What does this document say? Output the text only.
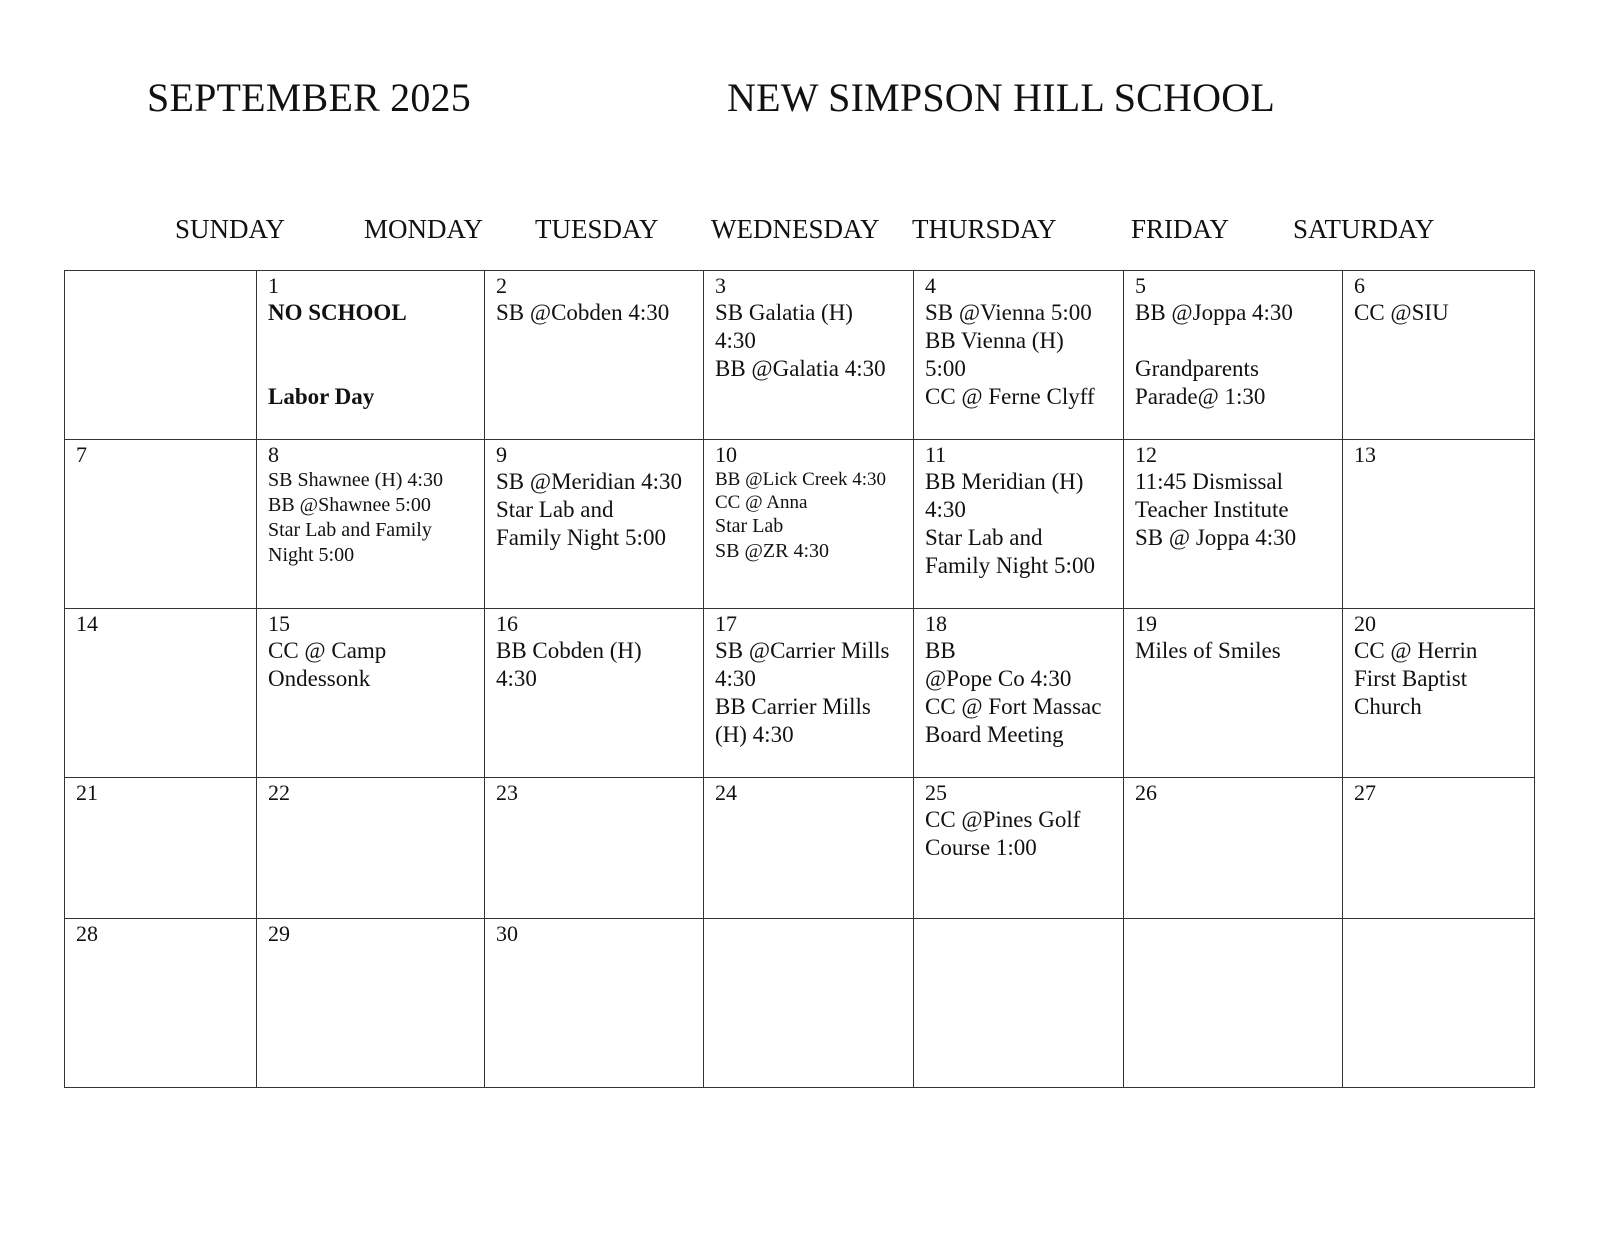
SEPTEMBER 2025	NEW SIMPSON HILL SCHOOL
SUNDAY	MONDAY TUESDAY WEDNESDAY THURSDAY	FRIDAY SATURDAY

	1
NO SCHOOL
Labor Day	2
SB @Cobden 4:30	3
SB Galatia (H)
4:30
BB @Galatia 4:30	4
SB @Vienna 5:00
BB Vienna (H)
5:00
CC @ Ferne Clyff	5
BB @Joppa 4:30
Grandparents
Parade@ 1:30	6
CC @SIU

7	8
SB Shawnee (H) 4:30
BB @Shawnee 5:00
Star Lab and Family
Night 5:00	9
SB @Meridian 4:30
Star Lab and
Family Night 5:00	10
BB @Lick Creek 4:30
CC @ Anna
Star Lab
SB @ZR 4:30	11
BB Meridian (H)
4:30
Star Lab and
Family Night 5:00	12
11:45 Dismissal
Teacher Institute
SB @ Joppa 4:30	13

14	15
CC @ Camp
Ondessonk	16
BB Cobden (H)
4:30	17
SB @Carrier Mills
4:30
BB Carrier Mills
(H) 4:30	18
BB
@Pope Co 4:30
CC @ Fort Massac
Board Meeting	19
Miles of Smiles	20
CC @ Herrin
First Baptist
Church

21	22	23	24	25
CC @Pines Golf
Course 1:00	26	27

28	29	30				
